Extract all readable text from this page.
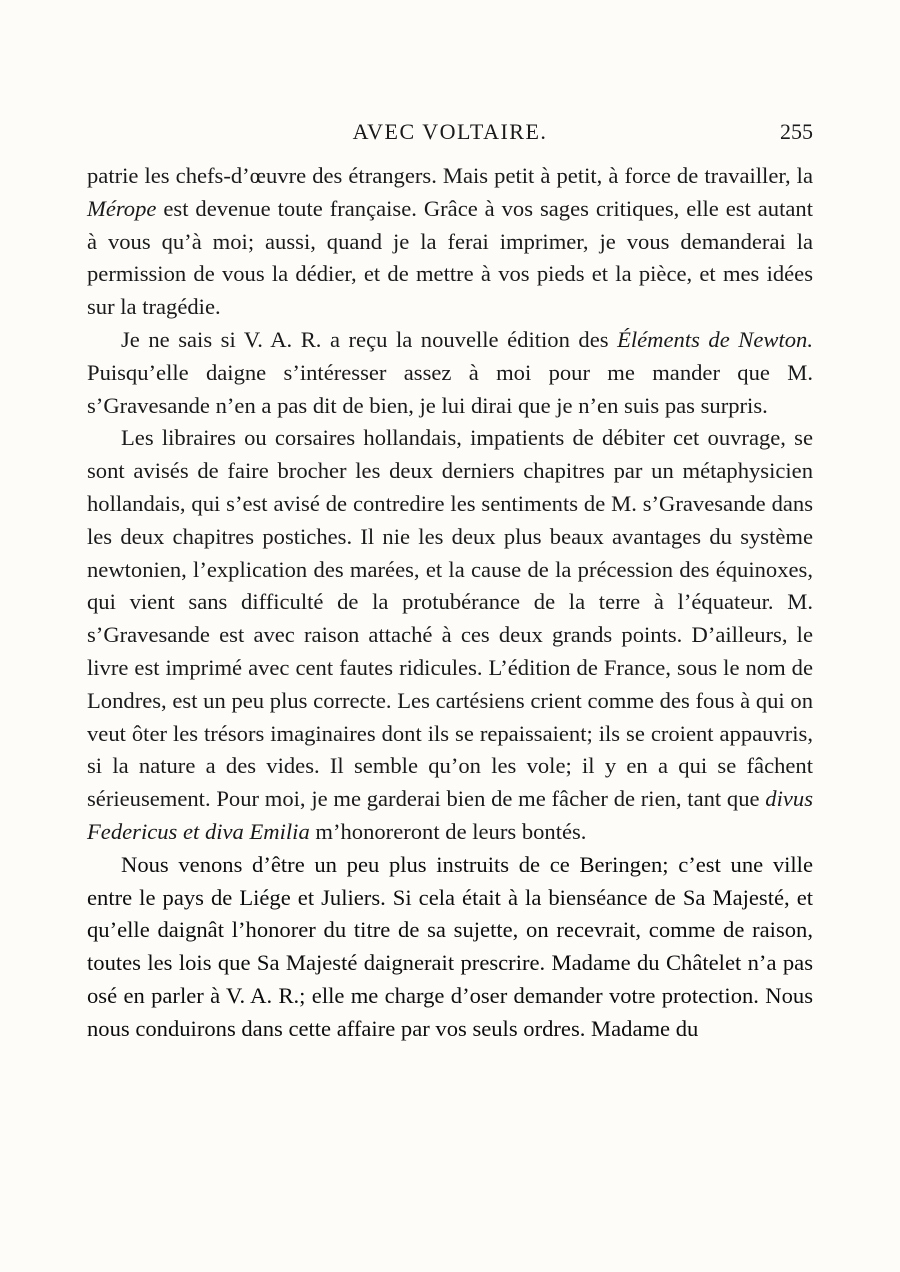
AVEC VOLTAIRE.	255

patrie les chefs-d’œuvre des étrangers. Mais petit à petit, à force de travailler, la Mérope est devenue toute française. Grâce à vos sages critiques, elle est autant à vous qu’à moi; aussi, quand je la ferai imprimer, je vous demanderai la permission de vous la dédier, et de mettre à vos pieds et la pièce, et mes idées sur la tragédie.

Je ne sais si V. A. R. a reçu la nouvelle édition des Éléments de Newton. Puisqu’elle daigne s’intéresser assez à moi pour me mander que M. s’Gravesande n’en a pas dit de bien, je lui dirai que je n’en suis pas surpris.

Les libraires ou corsaires hollandais, impatients de débiter cet ouvrage, se sont avisés de faire brocher les deux derniers chapitres par un métaphysicien hollandais, qui s’est avisé de contredire les sentiments de M. s’Gravesande dans les deux chapitres postiches. Il nie les deux plus beaux avantages du système newtonien, l’explication des marées, et la cause de la précession des équinoxes, qui vient sans difficulté de la protubérance de la terre à l’équateur. M. s’Gravesande est avec raison attaché à ces deux grands points. D’ailleurs, le livre est imprimé avec cent fautes ridicules. L’édition de France, sous le nom de Londres, est un peu plus correcte. Les cartésiens crient comme des fous à qui on veut ôter les trésors imaginaires dont ils se repaissaient; ils se croient appauvris, si la nature a des vides. Il semble qu’on les vole; il y en a qui se fâchent sérieusement. Pour moi, je me garderai bien de me fâcher de rien, tant que divus Federicus et diva Emilia m’honoreront de leurs bontés.

Nous venons d’être un peu plus instruits de ce Beringen; c’est une ville entre le pays de Liége et Juliers. Si cela était à la bienséance de Sa Majesté, et qu’elle daignât l’honorer du titre de sa sujette, on recevrait, comme de raison, toutes les lois que Sa Majesté daignerait prescrire. Madame du Châtelet n’a pas osé en parler à V. A. R.; elle me charge d’oser demander votre protection. Nous nous conduirons dans cette affaire par vos seuls ordres. Madame du
